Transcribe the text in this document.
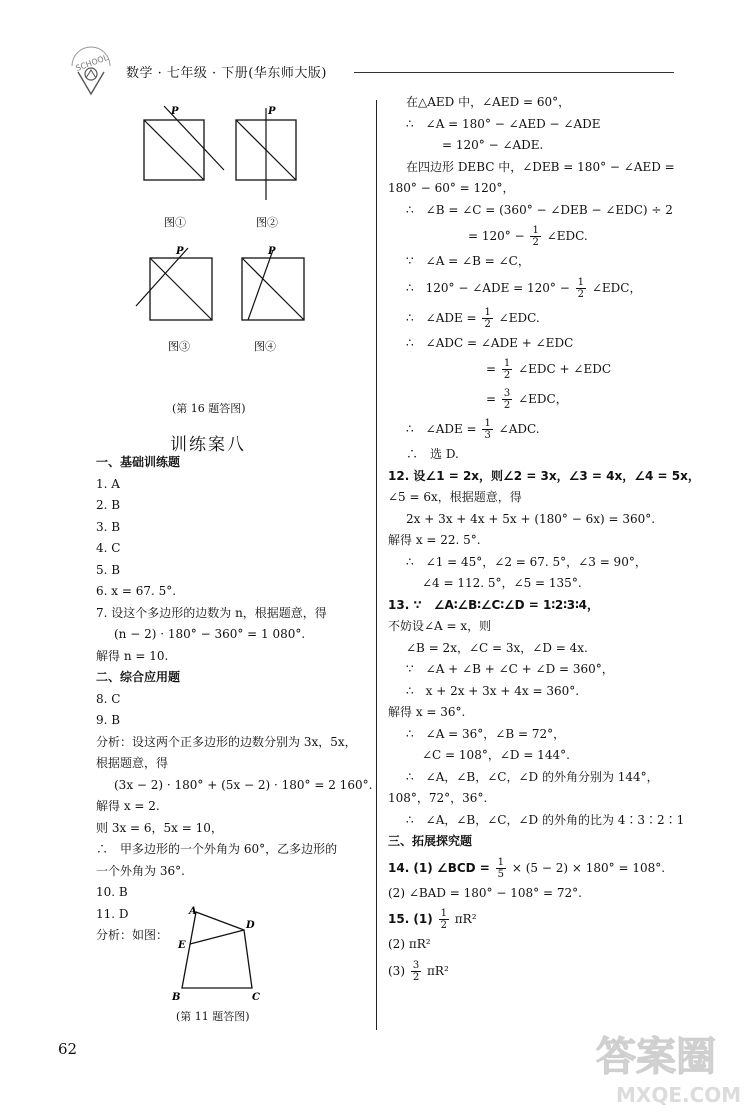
SCHOOL
数学 · 七年级 · 下册(华东师大版)
P
图①
P
图②
P
图③
P
图④
(第 16 题答图)
训练案八
一、基础训练题
1. A
2. B
3. B
4. C
5. B
6. x = 67. 5°.
7. 设这个多边形的边数为 n，根据题意，得
(n − 2) · 180° − 360° = 1 080°.
解得 n = 10.
二、综合应用题
8. C
9. B
分析：设这两个正多边形的边数分别为 3x，5x，
根据题意，得
(3x − 2) · 180° + (5x − 2) · 180° = 2 160°.
解得 x = 2.
则 3x = 6，5x = 10，
∴　甲多边形的一个外角为 60°，乙多边形的
一个外角为 36°.
10. B
11. D
分析：如图：
A
D
E
B	C
(第 11 题答图)
在△AED 中，∠AED = 60°，
∴　∠A = 180° − ∠AED − ∠ADE
= 120° − ∠ADE.
在四边形 DEBC 中，∠DEB = 180° − ∠AED =
180° − 60° = 120°，
∴　∠B = ∠C = (360° − ∠DEB − ∠EDC) ÷ 2
= $120^\circ - \frac{1}{2}$ ∠EDC.
∵　∠A = ∠B = ∠C，
∴　120° − ∠ADE = $120^\circ - \frac{1}{2}$ ∠EDC，
∴　∠ADE = $\frac{1}{2}$ ∠EDC.
∴　∠ADC = ∠ADE + ∠EDC
= $\frac{1}{2}$ ∠EDC + ∠EDC
= $\frac{3}{2}$ ∠EDC，
∴　∠ADE = $\frac{1}{3}$ ∠ADC.
∴　选 D.
12. 设∠1 = 2x，则∠2 = 3x，∠3 = 4x，∠4 = 5x，
∠5 = 6x，根据题意，得
2x + 3x + 4x + 5x + (180° − 6x) = 360°.
解得 x = 22. 5°.
∴　∠1 = 45°，∠2 = 67. 5°，∠3 = 90°，
∠4 = 112. 5°，∠5 = 135°.
13. ∵　∠A∶∠B∶∠C∶∠D = 1∶2∶3∶4，
不妨设∠A = x，则
∠B = 2x，∠C = 3x，∠D = 4x.
∵　∠A + ∠B + ∠C + ∠D = 360°，
∴　x + 2x + 3x + 4x = 360°.
解得 x = 36°.
∴　∠A = 36°，∠B = 72°，
∠C = 108°，∠D = 144°.
∴　∠A，∠B，∠C，∠D 的外角分别为 144°，
108°，72°，36°.
∴　∠A，∠B，∠C，∠D 的外角的比为 4∶3∶2∶1
三、拓展探究题
14. (1) ∠BCD = $\frac{1}{5} \times (5 - 2) \times 180^\circ = 108^\circ$.
(2) ∠BAD = 180° − 108° = 72°.
15. $(1) \frac{1}{2} \pi R^2$
(2) πR²
$(3) \frac{3}{2} \pi R^2$
62	答案圈
MXQE.COM
